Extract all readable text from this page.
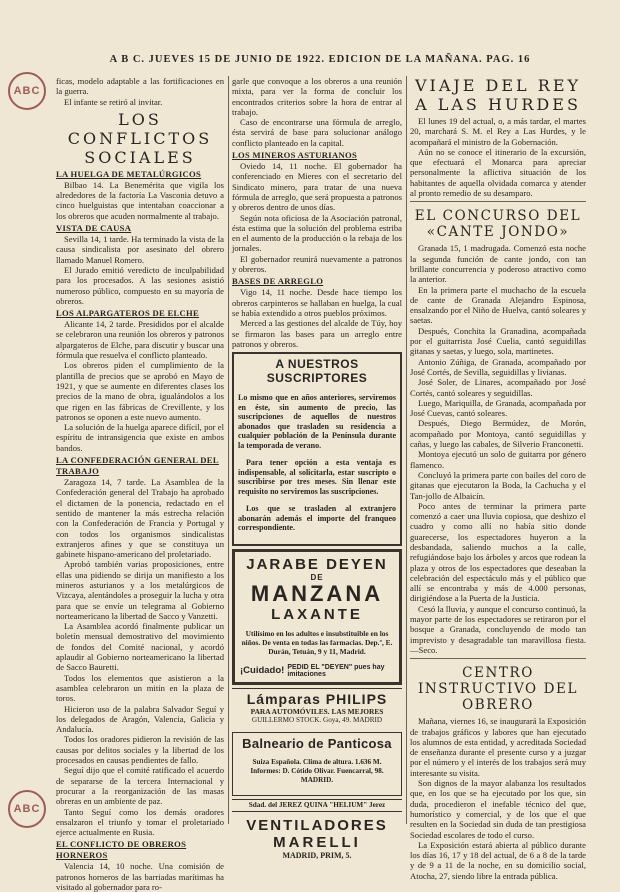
ABC
ABC
A B C. JUEVES 15 DE JUNIO DE 1922. EDICION DE LA MAÑANA. PAG. 16

ficas, modelo adaptable a las fortificaciones en la guerra.

El infante se retiró al invitar.

LOS CONFLICTOS SOCIALES
LA HUELGA DE METALÚRGICOS

Bilbao 14. La Benemérita que vigila los alrededores de la factoría La Vasconia detuvo a cinco huelguistas que intentaban coaccionar a los obreros que acuden normalmente al trabajo.

VISTA DE CAUSA

Sevilla 14, 1 tarde. Ha terminado la vista de la causa sindicalista por asesinato del obrero llamado Manuel Romero.

El Jurado emitió veredicto de inculpabilidad para los procesados. A las sesiones asistió numeroso público, compuesto en su mayoría de obreros.

LOS ALPARGATEROS DE ELCHE

Alicante 14, 2 tarde. Presididos por el alcalde se celebraron una reunión los obreros y patronos alpargateros de Elche, para discutir y buscar una fórmula que resuelva el conflicto planteado.

Los obreros piden el cumplimiento de la plantilla de precios que se aprobó en Mayo de 1921, y que se aumente en diferentes clases los precios de la mano de obra, igualándolos a los que rigen en las fábricas de Crevillente, y los patronos se oponen a este nuevo aumento.

La solución de la huelga aparece difícil, por el espíritu de intransigencia que existe en ambos bandos.

LA CONFEDERACIÓN GENERAL DEL TRABAJO

Zaragoza 14, 7 tarde. La Asamblea de la Confederación general del Trabajo ha aprobado el dictamen de la ponencia, redactado en el sentido de mantener la más estrecha relación con la Confederación de Francia y Portugal y con todos los organismos sindicalistas extranjeros afines y que se constituya un gabinete hispano-americano del proletariado.

Aprobó también varias proposiciones, entre ellas una pidiendo se dirija un manifiesto a los mineros asturianos y a los metalúrgicos de Vizcaya, alentándoles a proseguir la lucha y otra para que se envíe un telegrama al Gobierno norteamericano la libertad de Sacco y Vanzetti.

La Asamblea acordó finalmente publicar un boletín mensual demostrativo del movimiento de fondos del Comité nacional, y acordó aplaudir al Gobierno norteamericano la libertad de Sacco Bauretti.

Todos los elementos que asistieron a la asamblea celebraron un mitin en la plaza de toros.

Hicieron uso de la palabra Salvador Seguí y los delegados de Aragón, Valencia, Galicia y Andalucía.

Todos los oradores pidieron la revisión de las causas por delitos sociales y la libertad de los procesados en causas pendientes de fallo.

Seguí dijo que el comité ratificado el acuerdo de separarse de la tercera Internacional y procurar a la reorganización de las masas obreras en un ambiente de paz.

Tanto Seguí como los demás oradores ensalzaron el triunfo y tomar el proletariado ejerce actualmente en Rusia.

EL CONFLICTO DE OBREROS HORNEROS

Valencia 14, 10 noche. Una comisión de patronos horneros de las barriadas marítimas ha visitado al gobernador para ro-

garle que convoque a los obreros a una reunión mixta, para ver la forma de concluir los encontrados criterios sobre la hora de entrar al trabajo.

Caso de encontrarse una fórmula de arreglo, ésta servirá de base para solucionar análogo conflicto planteado en la capital.

LOS MINEROS ASTURIANOS

Oviedo 14, 11 noche. El gobernador ha conferenciado en Mieres con el secretario del Sindicato minero, para tratar de una nueva fórmula de arreglo, que será propuesta a patronos y obreros dentro de unos días.

Según nota oficiosa de la Asociación patronal, ésta estima que la solución del problema estriba en el aumento de la producción o la rebaja de los jornales.

El gobernador reunirá nuevamente a patronos y obreros.

BASES DE ARREGLO

Vigo 14, 11 noche. Desde hace tiempo los obreros carpinteros se hallaban en huelga, la cual se había extendido a otros pueblos próximos.

Merced a las gestiones del alcalde de Túy, hoy se firmaron las bases para un arreglo entre patronos y obreros.

A NUESTROS SUSCRIPTORES

Lo mismo que en años anteriores, serviremos en éste, sin aumento de precio, las suscripciones de aquellos de nuestros abonados que trasladen su residencia a cualquier población de la Península durante la temporada de verano.

Para tener opción a esta ventaja es indispensable, al solicitarla, estar suscripto o suscribirse por tres meses. Sin llenar este requisito no serviremos las suscripciones.

Los que se trasladen al extranjero abonarán además el importe del franqueo correspondiente.

JARABE DEYEN
DE
MANZANA
LAXANTE

Utilísimo en los adultos e insubstituible en los niños. De venta en todas las farmacias. Dep.º, E. Durán, Tetuán, 9 y 11, Madrid.

¡Cuidado! PEDID EL "DEYEN" pues hay imitaciones
Lámparas PHILIPS
PARA AUTOMÓVILES. LAS MEJORES
GUILLERMO STOCK. Goya, 49. MADRID
Balneario de Panticosa

Suiza Española. Clima de altura. 1.636 M. Informes: D. Cótido Olivar. Fuencarral, 98. MADRID.

Sdad. del JEREZ QUINA "HELIUM" Jerez
VENTILADORES
MARELLI
MADRID, PRIM, 5.
VIAJE DEL REY A LAS HURDES

El lunes 19 del actual, o, a más tardar, el martes 20, marchará S. M. el Rey a Las Hurdes, y le acompañará el ministro de la Gobernación.

Aún no se conoce el itinerario de la excursión, que efectuará el Monarca para apreciar personalmente la aflictiva situación de los habitantes de aquella olvidada comarca y atender al pronto remedio de su desamparo.

EL CONCURSO DEL «CANTE JONDO»

Granada 15, 1 madrugada. Comenzó esta noche la segunda función de cante jondo, con tan brillante concurrencia y poderoso atractivo como la anterior.

En la primera parte el muchacho de la escuela de cante de Granada Alejandro Espinosa, ensalzando por el Niño de Huelva, cantó soleares y saetas.

Después, Conchita la Granadina, acompañada por el guitarrista José Cuelia, cantó seguidillas gitanas y saetas, y luego, sola, martinetes.

Antonio Zúñiga, de Granada, acompañado por José Cortés, de Sevilla, seguidillas y livianas.

José Soler, de Linares, acompañado por José Cortés, cantó soleares y seguidillas.

Luego, Mariquilla, de Granada, acompañada por José Cuevas, cantó soleares.

Después, Diego Bermúdez, de Morón, acompañado por Montoya, cantó seguidillas y cañas, y luego las cabales, de Silverio Franconetti.

Montoya ejecutó un solo de guitarra por género flamenco.

Concluyó la primera parte con bailes del coro de gitanas que ejecutaron la Boda, la Cachucha y el Tan-jollo de Albaicín.

Poco antes de terminar la primera parte comenzó a caer una lluvia copiosa, que deshizo el cuadro y como allí no había sitio donde guarecerse, los espectadores huyeron a la desbandada, saliendo muchos a la calle, refugiándose bajo los árboles y arcos que rodean la plaza y otros de los espectadores que deseaban la celebración del espectáculo más y el público que allí se encontraba y más de 4.000 personas, dirigiéndose a la Puerta de la Justicia.

Cesó la lluvia, y aunque el concurso continuó, la mayor parte de los espectadores se retiraron por el bosque a Granada, concluyendo de modo tan imprevisto y desagradable tan maravillosa fiesta.—Seco.

CENTRO INSTRUCTIVO DEL OBRERO

Mañana, viernes 16, se inaugurará la Exposición de trabajos gráficos y labores que han ejecutado los alumnos de esta entidad, y acreditada Sociedad de enseñanza durante el presente curso y a juzgar por el número y el interés de los trabajos será muy interesante su visita.

Son dignos de la mayor alabanza los resultados que, en los que se ha ejecutado por los que, sin duda, procedieron el inefable técnico del que, humorístico y comercial, y de los que el que resulten en la Sociedad sin duda de tan prestigiosa Sociedad escolares de todo el curso.

La Exposición estará abierta al público durante los días 16, 17 y 18 del actual, de 6 a 8 de la tarde y de 9 a 11 de la noche, en su domicilio social, Atocha, 27, siendo libre la entrada pública.
